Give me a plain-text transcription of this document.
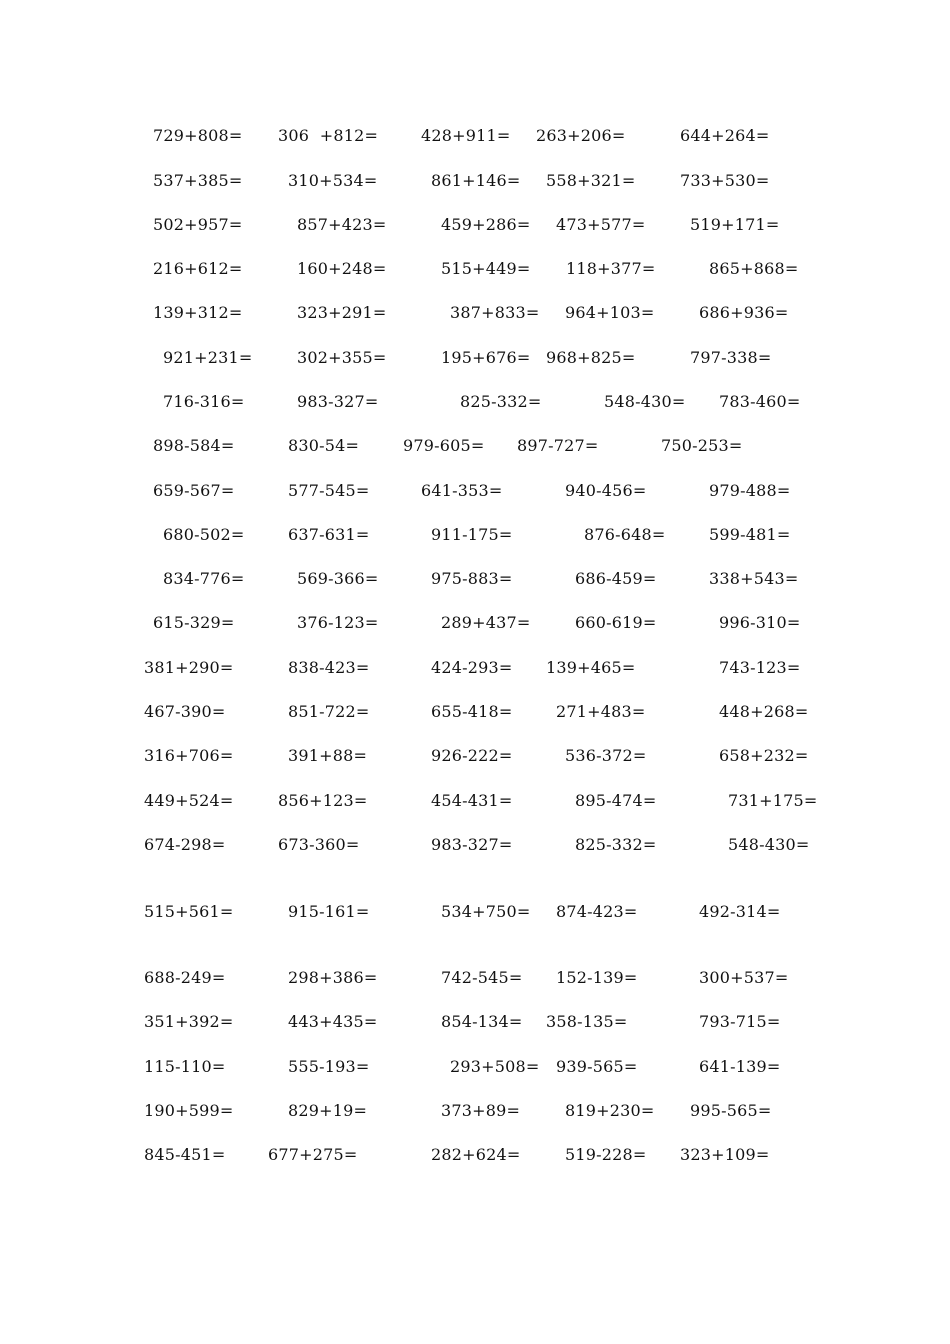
729+808= 306  +812=	428+911= 263+206=	644+264=
537+385=	310+534=	861+146= 558+321=	733+530=
502+957=	857+423=	459+286= 473+577=	519+171=
216+612=	160+248=	515+449= 118+377=	865+868=
139+312=	323+291=	387+833= 964+103=	686+936=
921+231=	302+355=	195+676= 968+825=	797-338=
716-316=	983-327=	825-332=	548-430= 783-460=
898-584=	830-54=	979-605= 897-727=	750-253=
659-567=	577-545=	641-353=	940-456=	979-488=
680-502=	637-631=	911-175=	876-648=	599-481=
834-776=	569-366=	975-883=	686-459=	338+543=
615-329=	376-123=	289+437=	660-619=	996-310=
381+290=	838-423=	424-293= 139+465=	743-123=
467-390=	851-722=	655-418=	271+483=	448+268=
316+706=	391+88=	926-222=	536-372=	658+232=
449+524=	856+123=	454-431=	895-474=	731+175=
674-298=	673-360=	983-327=	825-332=	548-430=
515+561=	915-161=	534+750= 874-423=	492-314=
688-249=	298+386=	742-545= 152-139=	300+537=
351+392=	443+435=	854-134= 358-135=	793-715=
115-110=	555-193=	293+508= 939-565=	641-139=
190+599=	829+19=	373+89=	819+230= 995-565=
845-451=	677+275=	282+624=	519-228= 323+109=
